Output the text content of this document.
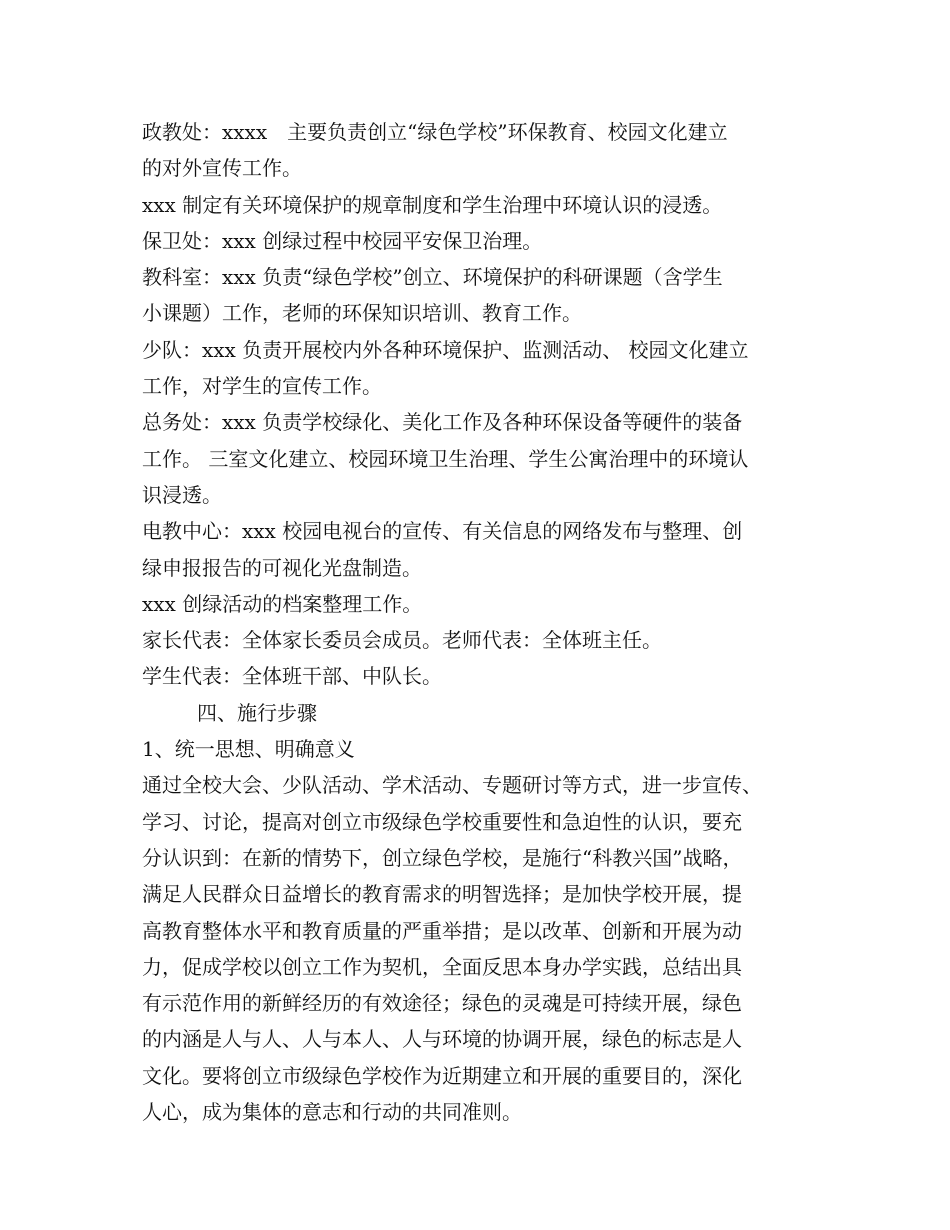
政教处：xxxx　主要负责创立“绿色学校”环保教育、校园文化建立
的对外宣传工作。
xxx 制定有关环境保护的规章制度和学生治理中环境认识的浸透。
保卫处：xxx 创绿过程中校园平安保卫治理。
教科室：xxx 负责“绿色学校”创立、环境保护的科研课题（含学生
小课题）工作，老师的环保知识培训、教育工作。
少队：xxx 负责开展校内外各种环境保护、监测活动、 校园文化建立
工作，对学生的宣传工作。
总务处：xxx 负责学校绿化、美化工作及各种环保设备等硬件的装备
工作。 三室文化建立、校园环境卫生治理、学生公寓治理中的环境认
识浸透。
电教中心：xxx 校园电视台的宣传、有关信息的网络发布与整理、创
绿申报报告的可视化光盘制造。
xxx 创绿活动的档案整理工作。
家长代表：全体家长委员会成员。老师代表：全体班主任。
学生代表：全体班干部、中队长。
四、施行步骤
1、统一思想、明确意义
通过全校大会、少队活动、学术活动、专题研讨等方式，进一步宣传、
学习、讨论，提高对创立市级绿色学校重要性和急迫性的认识，要充
分认识到：在新的情势下，创立绿色学校，是施行“科教兴国”战略，
满足人民群众日益增长的教育需求的明智选择；是加快学校开展，提
高教育整体水平和教育质量的严重举措；是以改革、创新和开展为动
力，促成学校以创立工作为契机，全面反思本身办学实践，总结出具
有示范作用的新鲜经历的有效途径；绿色的灵魂是可持续开展，绿色
的内涵是人与人、人与本人、人与环境的协调开展，绿色的标志是人
文化。要将创立市级绿色学校作为近期建立和开展的重要目的，深化
人心，成为集体的意志和行动的共同准则。
